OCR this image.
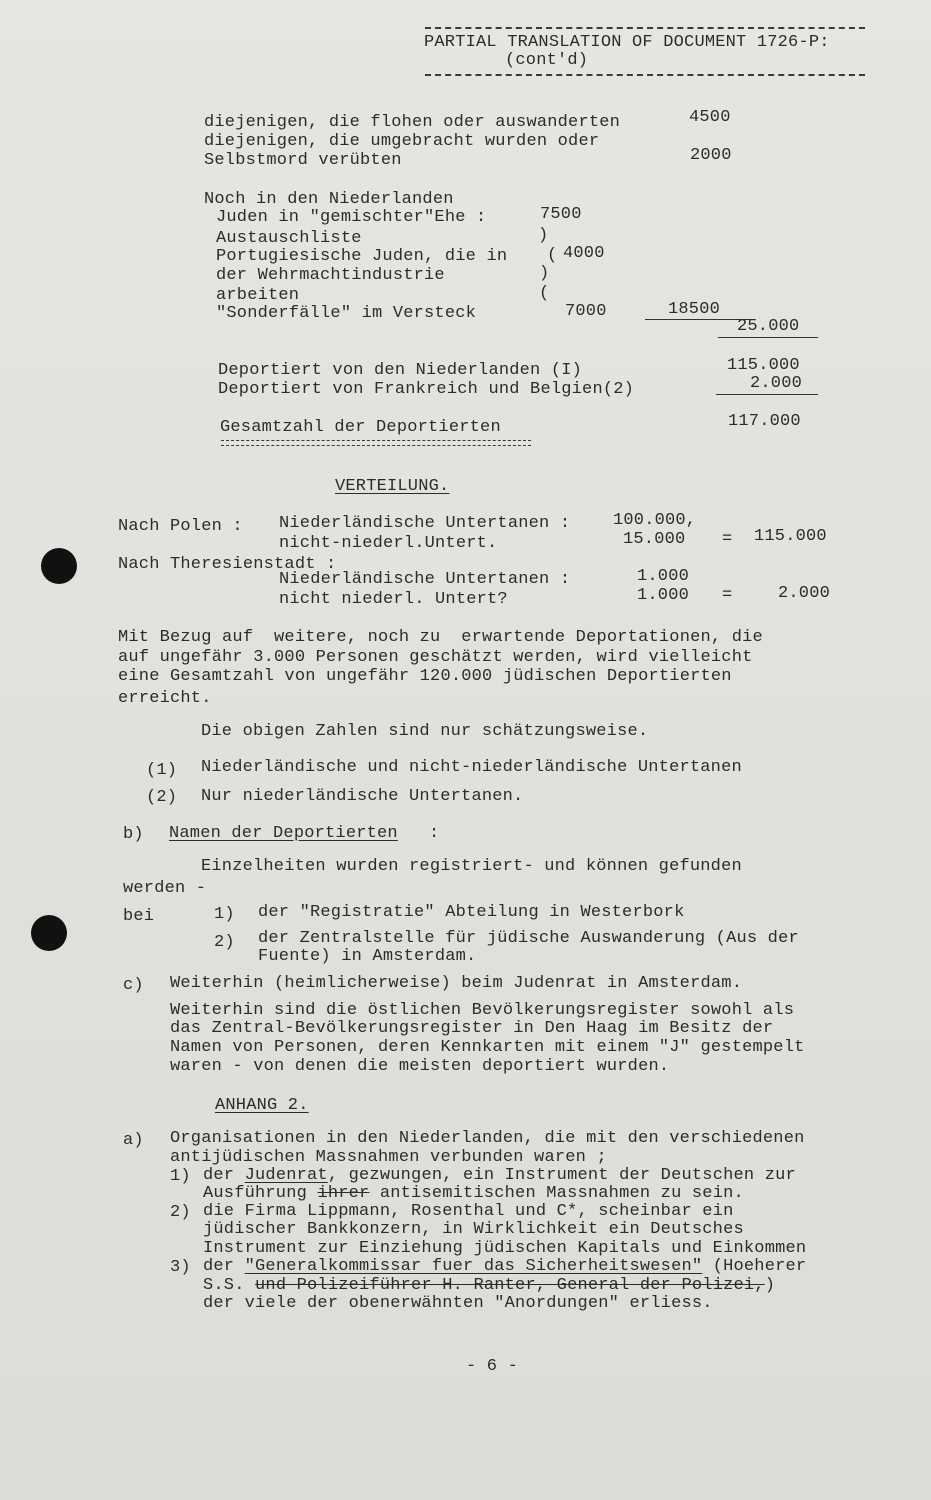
PARTIAL TRANSLATION OF DOCUMENT 1726-P:
(cont'd)
diejenigen, die flohen oder auswanderten	4500
diejenigen, die umgebracht wurden oder
Selbstmord verübten	2000
Noch in den Niederlanden
Juden in "gemischter"Ehe :	7500
Austauschliste	)
Portugiesische Juden, die in ( 4000
der Wehrmachtindustrie	)
arbeiten	(
"Sonderfälle" im Versteck	7000	18500
25.000
Deportiert von den Niederlanden (I)	115.000
Deportiert von Frankreich und Belgien(2)	2.000
Gesamtzahl der Deportierten	117.000
VERTEILUNG.
Nach Polen : Niederländische Untertanen :	100.000,
nicht-niederl.Untert.	15.000 = 115.000
Nach Theresienstadt :
Niederländische Untertanen :	1.000
nicht niederl. Untert?	1.000 =	2.000
Mit Bezug auf  weitere, noch zu  erwartende Deportationen, die
auf ungefähr 3.000 Personen geschätzt werden, wird vielleicht
eine Gesamtzahl von ungefähr 120.000 jüdischen Deportierten
erreicht.
Die obigen Zahlen sind nur schätzungsweise.
(1) Niederländische und nicht-niederländische Untertanen
(2) Nur niederländische Untertanen.
b) Namen der Deportierten :
Einzelheiten wurden registriert- und können gefunden
werden -
bei	1) der "Registratie" Abteilung in Westerbork
2) der Zentralstelle für jüdische Auswanderung (Aus der
Fuente) in Amsterdam.
c) Weiterhin (heimlicherweise) beim Judenrat in Amsterdam.
Weiterhin sind die östlichen Bevölkerungsregister sowohl als
das Zentral-Bevölkerungsregister in Den Haag im Besitz der
Namen von Personen, deren Kennkarten mit einem "J" gestempelt
waren - von denen die meisten deportiert wurden.
ANHANG 2.
a) Organisationen in den Niederlanden, die mit den verschiedenen
antijüdischen Massnahmen verbunden waren ;
1) der Judenrat, gezwungen, ein Instrument der Deutschen zur
Ausführung ihrer antisemitischen Massnahmen zu sein.
2) die Firma Lippmann, Rosenthal und C*, scheinbar ein
jüdischer Bankkonzern, in Wirklichkeit ein Deutsches
Instrument zur Einziehung jüdischen Kapitals und Einkommen
3) der "Generalkommissar fuer das Sicherheitswesen" (Hoeherer
S.S. und Polizeiführer H. Ranter, General der Polizei,)
der viele der obenerwähnten "Anordungen" erliess.
- 6 -
